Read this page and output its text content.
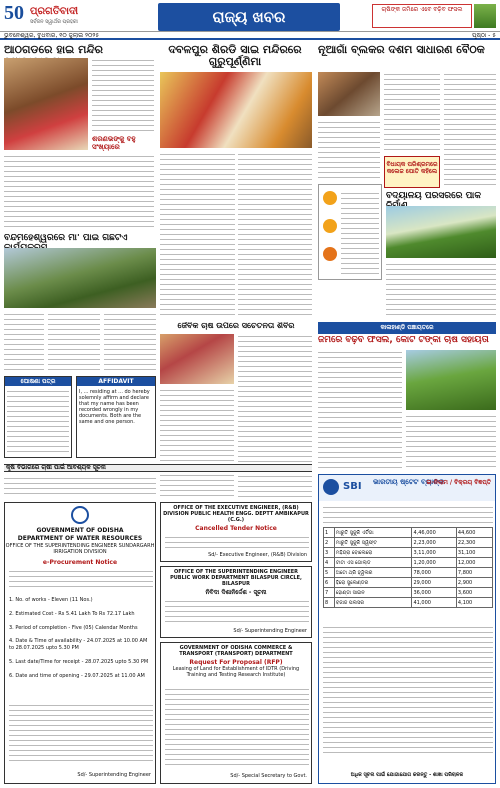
50 ପ୍ରଗତିବାଦୀ
ସର୍ବଜନ ସ୍ୱାର୍ଥର ପ୍ରହରୀ	ରାଜ୍ୟ ଖବର	ଚାଷିଙ୍କ ଜମିରେ ଏବେ ବଢ଼ିବ ଫସଲ
ଭୁବନେଶ୍ୱର, ବୁଧବାର, ୧୦ ଜୁଲାଇ ୨୦୨୫	ପୃଷ୍ଠା - ୫
ଆଠଗଡରେ ହାଇ ମନ୍ଦିର
ଶରଣଭଙ୍କୁ ବହୁ ସଂଖ୍ୟାରେ
ଦବଳପୁର ଶିରଡି ସାଇ ମନ୍ଦିରରେ ଗୁରୁପୂର୍ଣ୍ଣିମା
ନୂଆଗାଁ ବ୍ଲକର ଦଶମ ସାଧାରଣ ବୈଠକ
ବିଧାୟକ ପରିଶ୍ରମରେ କଲେଜ ପୋତି କହିଲେ
ବିଦ୍ୟାଳୟ ପରିସରରେ ପାର୍କ
ବନ୍ଦମହେଶ୍ୱରରେ ମା' ପାଇଁ ଗଛଟିଏ
ଜୈବିକ ଚାଷ ଉପରେ ସଚେତନତା ଶିବିର	କାଳାହାଣ୍ଡି ପଞ୍ଚାୟତରେ
ଜମିରେ ବଢ଼ିବ ଫସଲ, କୋଟି ଟଙ୍କା ଚାଷ ସହାୟତା
ଘୋଷଣା ପତ୍ର	AFFIDAVIT
I, ... residing at ... do hereby solemnly affirm and declare that my name has been recorded wrongly in my documents. Both are the same and one person.
କୃଷି ବିଭାଗରେ ଚାଷୀ ପାଇଁ ଆବଶ୍ୟକ ସୂଚନା
OFFICE OF THE EXECUTIVE ENGINEER, (R&B) DIVISION PUBLIC HEALTH ENGG. DEPTT AMBIKAPUR (C.G.)
Cancelled Tender Notice
Sd/- Executive Engineer, (R&B) Division
OFFICE OF THE SUPERINTENDING ENGINEER PUBLIC WORK DEPARTMENT BILASPUR CIRCLE, BILASPUR
ନିବିଦା ଦିଶାନିର୍ଦ୍ଦେଶ - ସୂଚନା
Sd/- Superintending Engineer
GOVERNMENT OF ODISHA
DEPARTMENT OF WATER RESOURCES
OFFICE OF THE SUPERINTENDING ENGINEER SUNDARGARH IRRIGATION DIVISION
e-Procurement Notice
1. No. of works - Eleven (11 Nos.)
2. Estimated Cost - Rs 5.41 Lakh To Rs 72.17 Lakh
3. Period of completion - Five (05) Calendar Months
4. Date & Time of availability - 24.07.2025 at 10.00 AM to 28.07.2025 upto 5.30 PM
5. Last date/Time for receipt - 28.07.2025 upto 5.30 PM
6. Date and time of opening - 29.07.2025 at 11.00 AM
Sd/- Superintending Engineer
GOVERNMENT OF ODISHA COMMERCE & TRANSPORT (TRANSPORT) DEPARTMENT
Request For Proposal (RFP)
Leasing of Land for Establishment of IDTR (Driving Training and Testing Research Institute)
Sd/- Special Secretary to Govt.
SBI ଭାରତୀୟ ଷ୍ଟେଟ ବ୍ୟାଙ୍କ
ଇ-ନିଲାମ / ବିକ୍ରୟ ବିଜ୍ଞପ୍ତି
1	ମାରୁତି ସୁଜୁକି ଏର୍ଟିଗା	4,46,000	44,600
2	ମାରୁତି ସୁଜୁକି ସ୍ୱିଫ୍ଟ	2,23,000	22,300
3	ମହିନ୍ଦ୍ରା ବୋଲେରୋ	3,11,000	31,100
4	ଟାଟା ଏସ ଗୋଲ୍ଡ	1,20,000	12,000
5	ଅଟୋ ଥ୍ରି ହ୍ୱିଲର	78,000	7,800
6	ହିରୋ ସ୍ପ୍ଲେଣ୍ଡର	29,000	2,900
7	ହୋଣ୍ଡା ସାଇନ	36,000	3,600
8	ବଜାଜ ପଲସର	41,000	4,100
ଅଧିକ ସୂଚନା ପାଇଁ ଯୋଗାଯୋଗ କରନ୍ତୁ - ଶାଖା ପରିଚାଳକ
